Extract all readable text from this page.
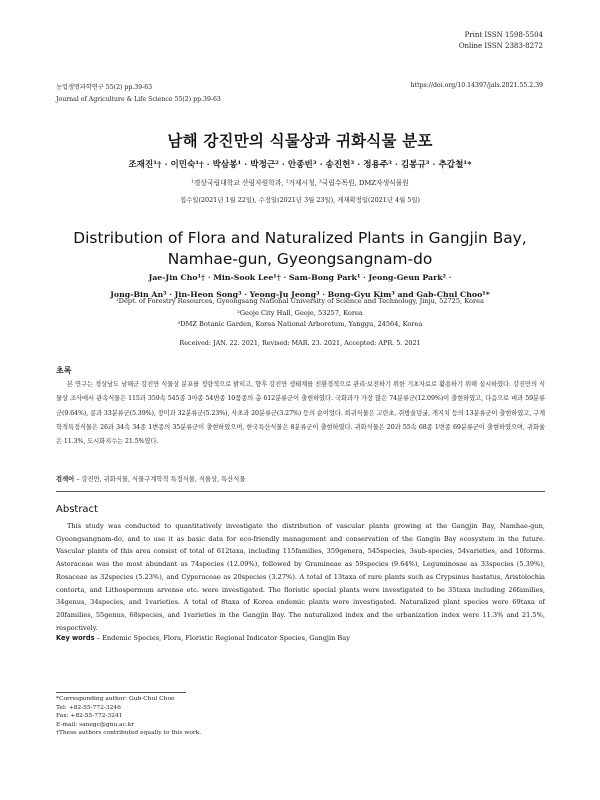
Print ISSN 1598-5504
Online ISSN 2383-8272
농업생명과학연구 55(2) pp.39-63	https://doi.org/10.14397/jals.2021.55.2.39
Journal of Agriculture & Life Science 55(2) pp.39-63
남해 강진만의 식물상과 귀화식물 분포
조재진¹† · 이민숙¹† · 박삼봉¹ · 박정근² · 안종빈³ · 송진헌³ · 정용주³ · 김봉규³ · 추갑철¹*
¹경상국립대학교 산림자원학과, ²거제시청, ³국립수목원, DMZ자생식물원
접수일(2021년 1월 22일), 수정일(2021년 3월 23일), 게재확정일(2021년 4월 5일)
Distribution of Flora and Naturalized Plants in Gangjin Bay,
Namhae-gun, Gyeongsangnam-do
Jae-Jin Cho¹† · Min-Sook Lee¹† · Sam-Bong Park¹ · Jeong-Geun Park² ·
Jong-Bin An³ · Jin-Heon Song³ · Yeong-Ju Jeong³ · Bong-Gyu Kim³ and Gab-Chul Choo¹*
¹Dept. of Forestry Resources, Gyeongsang National University of Science and Technology, Jinju, 52725, Korea
²Geoje City Hall, Geoje, 53257, Korea
³DMZ Botanic Garden, Korea National Arboretum, Yanggu, 24564, Korea
Received: JAN. 22. 2021, Revised: MAR. 23. 2021, Accepted: APR. 5. 2021
초록
본 연구는 경상남도 남해군 강진만 식물상 분포를 정량적으로 밝히고, 향후 강진만 생태계를 친환경적으로 관리·보전하기 위한 기초자료로 활용하기 위해 실시하였다. 강진만의 식물상 조사에서 관속식물은 115과 359속 545종 3아종 54변종 10품종의 총 612분류군이 출현하였다. 국화과가 가장 많은 74분류군(12.09%)이 출현하였고, 다음으로 벼과 59분류군(9.64%), 콩과 33분류군(5.39%), 장미과 32분류군(5.23%), 사초과 20분류군(3.27%) 등의 순이었다. 희귀식물은 고란초, 쥐방울덩굴, 개지치 등의 13분류군이 출현하였고, 구계학적특정식물은 26과 34속 34종 1변종의 35분류군이 출현하였으며, 한국특산식물은 8분류군이 출현하였다. 귀화식물은 20과 55속 68종 1변종 69분류군이 출현하였으며, 귀화율은 11.3%, 도시화지수는 21.5%였다.
검색어 – 강진만, 귀화식물, 식물구계학적 특정식물, 식물상, 특산식물
Abstract
This study was conducted to quantitatively investigate the distribution of vascular plants growing at the Gangjin Bay, Namhae-gun, Gyeongsangnam-do, and to use it as basic data for eco-friendly management and conservation of the Gangin Bay ecosystem in the future. Vascular plants of this area consist of total of 612taxa, including 115families, 359genera, 545species, 3sub-species, 54varieties, and 10forms. Asteraceae was the most abundant as 74species (12.09%), followed by Gramineae as 59species (9.64%), Leguminosae as 33species (5.39%), Rosaceae as 32species (5.23%), and Cyperaceae as 20species (3.27%). A total of 13taxa of rare plants such as Crypsinus hastatus, Aristolochia contorta, and Lithospermum arvense etc. were investigated. The floristic special plants were investigated to be 35taxa including 26families, 34genus, 34species, and 1varieties. A total of 8taxa of Korea endemic plants were investigated. Naturalized plant species were 69taxa of 20families, 55genus, 68species, and 1varieties in the Gangjin Bay. The naturalized index and the urbanization index were 11.3% and 21.5%, respectively.
Key words – Endemic Species, Flora, Floristic Regional Indicator Species, Gangjin Bay
*Corresponding author: Gub-Chul Choo
Tel: +82-55-772-3246
Fax: +82-55-772-3241
E-mail: sanegc@gnu.ac.kr
†These authors contributed equally to this work.
